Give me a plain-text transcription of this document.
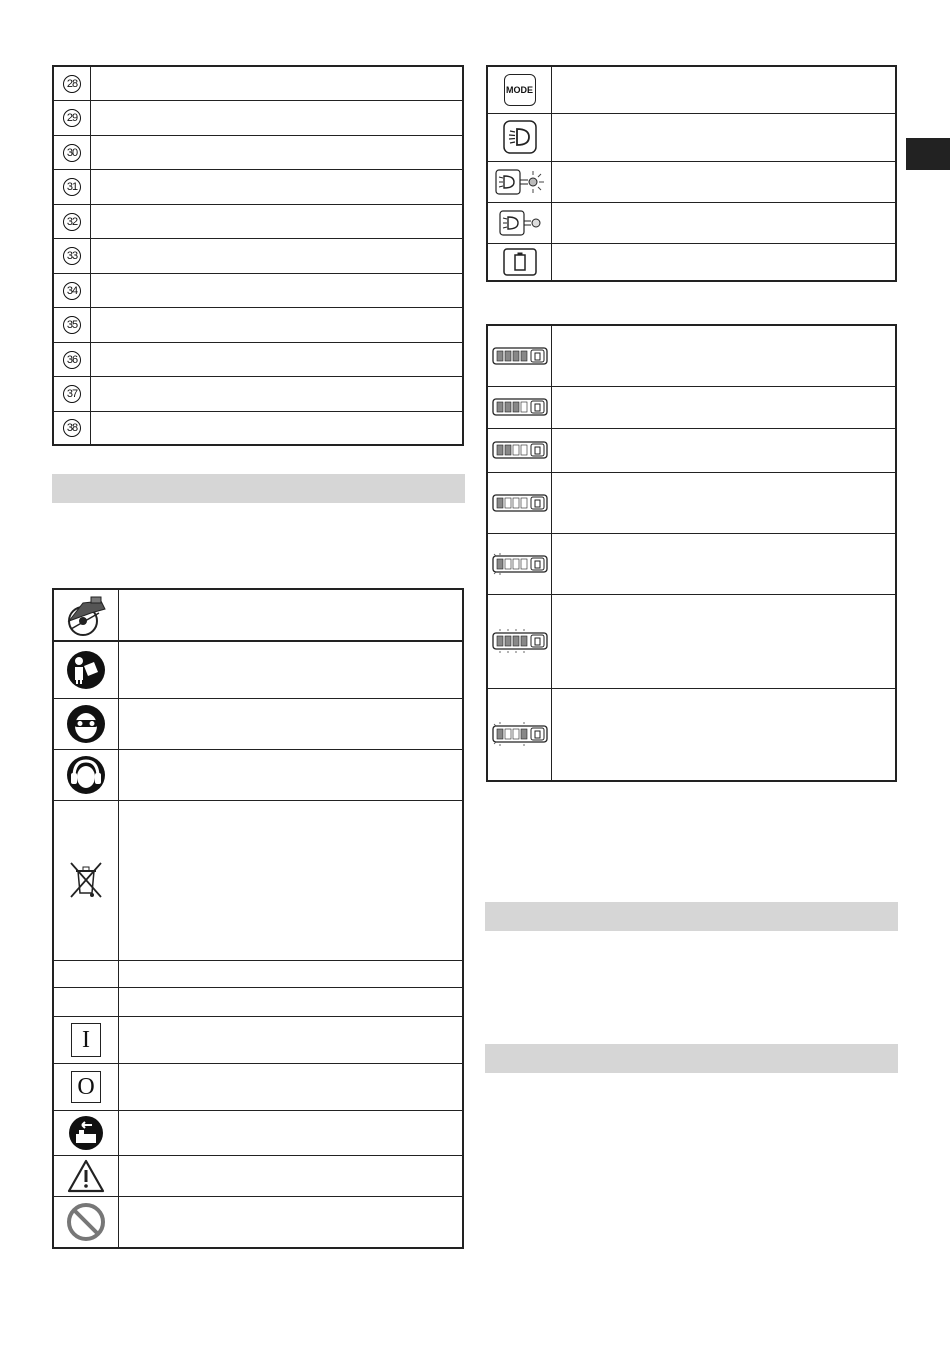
28	
29	
30	
31	
32	
33	
34	
35	
36	
37	
38	

I	
O	

MODE	
